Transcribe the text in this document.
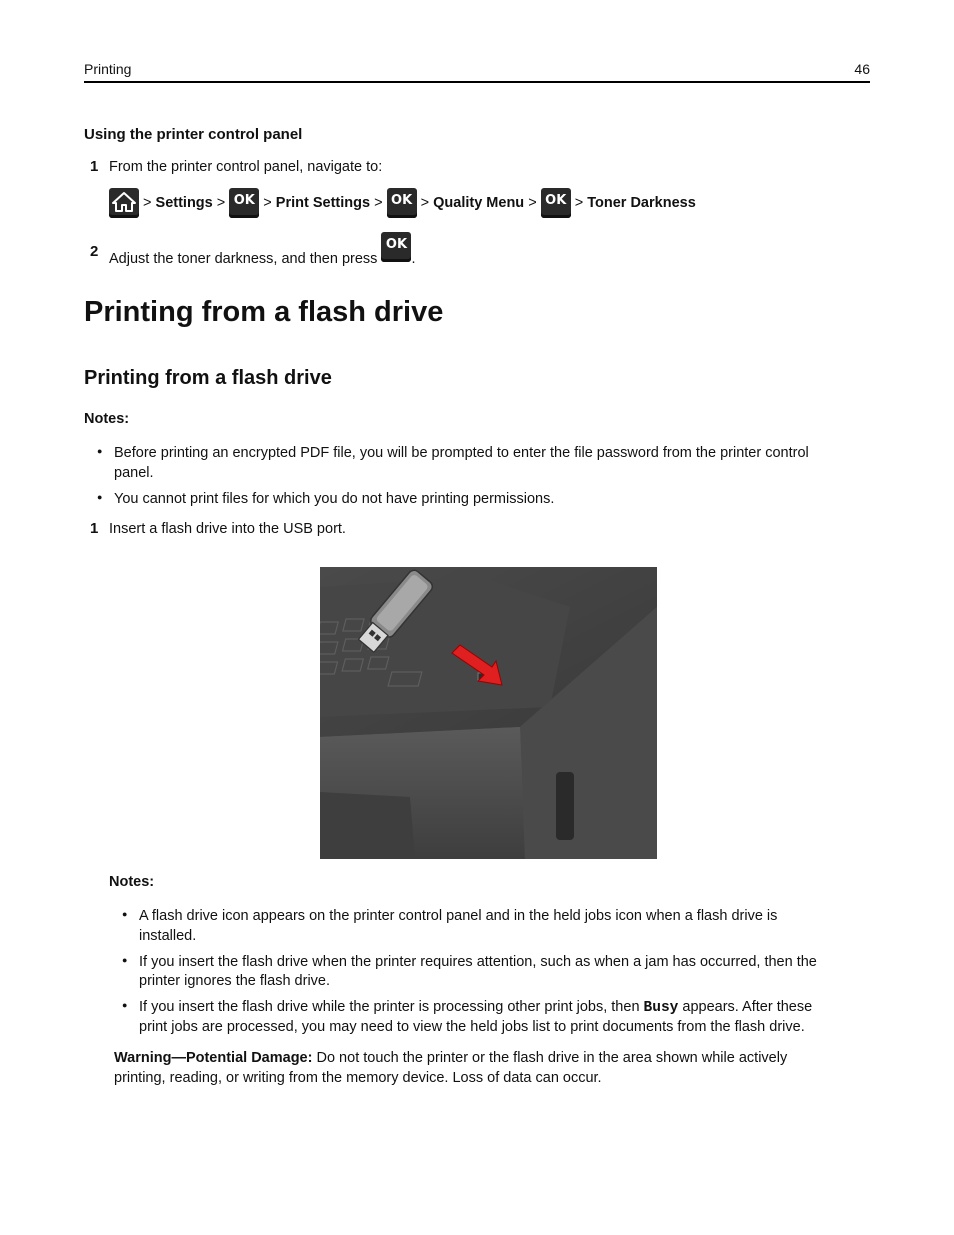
Printing	46
Using the printer control panel
1 From the printer control panel, navigate to:
> Settings > OK > Print Settings > OK > Quality Menu > OK > Toner Darkness
2 Adjust the toner darkness, and then press OK.
Printing from a flash drive
Printing from a flash drive
Notes:
● Before printing an encrypted PDF file, you will be prompted to enter the file password from the printer control
panel.
● You cannot print files for which you do not have printing permissions.
1 Insert a flash drive into the USB port.
Notes:
● A flash drive icon appears on the printer control panel and in the held jobs icon when a flash drive is
installed.
● If you insert the flash drive when the printer requires attention, such as when a jam has occurred, then the
printer ignores the flash drive.
● If you insert the flash drive while the printer is processing other print jobs, then Busy appears. After these
print jobs are processed, you may need to view the held jobs list to print documents from the flash drive.
Warning—Potential Damage: Do not touch the printer or the flash drive in the area shown while actively
printing, reading, or writing from the memory device. Loss of data can occur.
